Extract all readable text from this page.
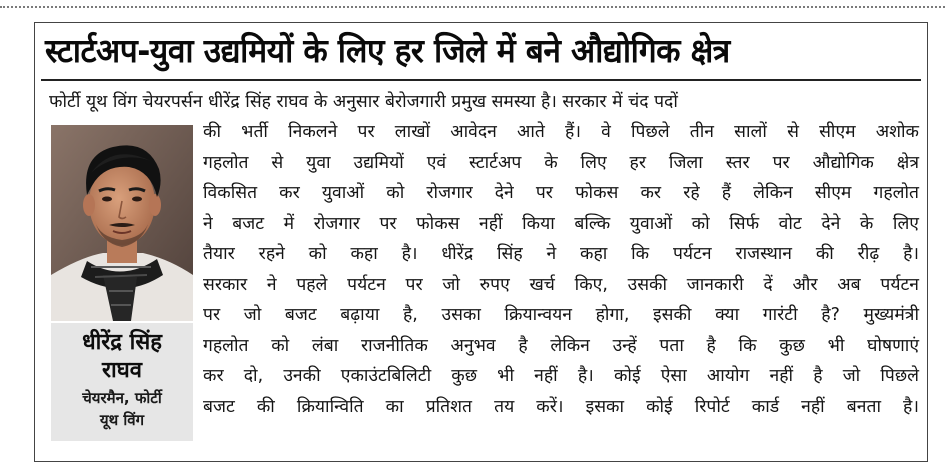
स्टार्टअप-युवा उद्यमियों के लिए हर जिले में बने औद्योगिक क्षेत्र
फोर्टी यूथ विंग चेयरपर्सन धीरेंद्र सिंह राघव के अनुसार बेरोजगारी प्रमुख समस्या है। सरकार में चंद पदों
धीरेंद्र सिंह
राघव
चेयरमैन, फोर्टी
यूथ विंग
की भर्ती निकलने पर लाखों आवेदन आते हैं। वे पिछले तीन सालों से सीएम अशोक
गहलोत से युवा उद्यमियों एवं स्टार्टअप के लिए हर जिला स्तर पर औद्योगिक क्षेत्र
विकसित कर युवाओं को रोजगार देने पर फोकस कर रहे हैं लेकिन सीएम गहलोत
ने बजट में रोजगार पर फोकस नहीं किया बल्कि युवाओं को सिर्फ वोट देने के लिए
तैयार रहने को कहा है। धीरेंद्र सिंह ने कहा कि पर्यटन राजस्थान की रीढ़ है।
सरकार ने पहले पर्यटन पर जो रुपए खर्च किए, उसकी जानकारी दें और अब पर्यटन
पर जो बजट बढ़ाया है, उसका क्रियान्वयन होगा, इसकी क्या गारंटी है? मुख्यमंत्री
गहलोत को लंबा राजनीतिक अनुभव है लेकिन उन्हें पता है कि कुछ भी घोषणाएं
कर दो, उनकी एकाउंटबिलिटी कुछ भी नहीं है। कोई ऐसा आयोग नहीं है जो पिछले
बजट की क्रियान्विति का प्रतिशत तय करें। इसका कोई रिपोर्ट कार्ड नहीं बनता है।
